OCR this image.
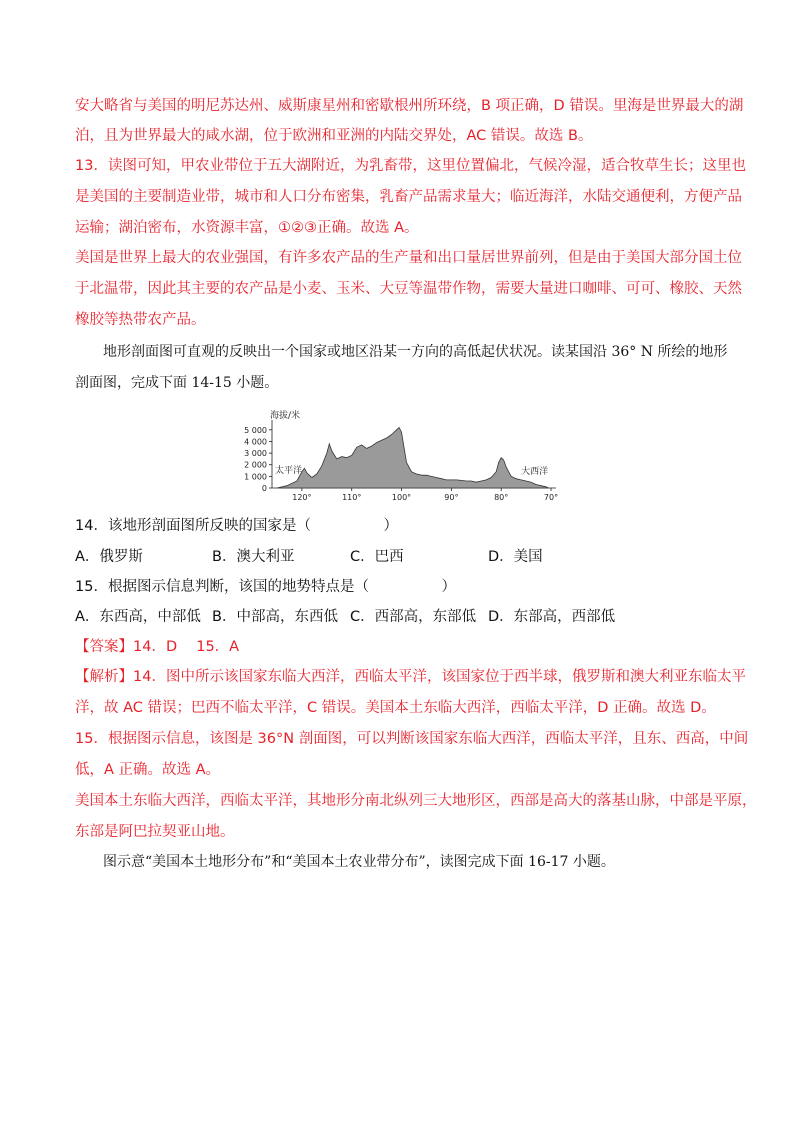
安大略省与美国的明尼苏达州、威斯康星州和密歇根州所环绕，B 项正确，D 错误。里海是世界最大的湖
泊，且为世界最大的咸水湖，位于欧洲和亚洲的内陆交界处，AC 错误。故选 B。
13．读图可知，甲农业带位于五大湖附近，为乳畜带，这里位置偏北，气候冷湿，适合牧草生长；这里也
是美国的主要制造业带，城市和人口分布密集，乳畜产品需求量大；临近海洋，水陆交通便利，方便产品
运输；湖泊密布，水资源丰富，①②③正确。故选 A。
美国是世界上最大的农业强国，有许多农产品的生产量和出口量居世界前列，但是由于美国大部分国土位
于北温带，因此其主要的农产品是小麦、玉米、大豆等温带作物，需要大量进口咖啡、可可、橡胶、天然
橡胶等热带农产品。
地形剖面图可直观的反映出一个国家或地区沿某一方向的高低起伏状况。读某国沿 36° N 所绘的地形
剖面图，完成下面 14-15 小题。
海拔/米
5 000
4 000
3 000
2 000
1 000
0
120°	110°	100°	90°	80°	70°
太平洋	大西洋
14．该地形剖面图所反映的国家是（　　　　　）
A．俄罗斯	B．澳大利亚	C．巴西	D．美国
15．根据图示信息判断，该国的地势特点是（　　　　　）
A．东西高，中部低 B．中部高，东西低 C．西部高，东部低 D．东部高，西部低
【答案】14．D　 15．A
【解析】14．图中所示该国家东临大西洋，西临太平洋，该国家位于西半球，俄罗斯和澳大利亚东临太平
洋，故 AC 错误；巴西不临太平洋，C 错误。美国本土东临大西洋，西临太平洋，D 正确。故选 D。
15．根据图示信息，该图是 36°N 剖面图，可以判断该国家东临大西洋，西临太平洋，且东、西高，中间
低，A 正确。故选 A。
美国本土东临大西洋，西临太平洋，其地形分南北纵列三大地形区，西部是高大的落基山脉，中部是平原，
东部是阿巴拉契亚山地。
图示意“美国本土地形分布”和“美国本土农业带分布”，读图完成下面 16-17 小题。
